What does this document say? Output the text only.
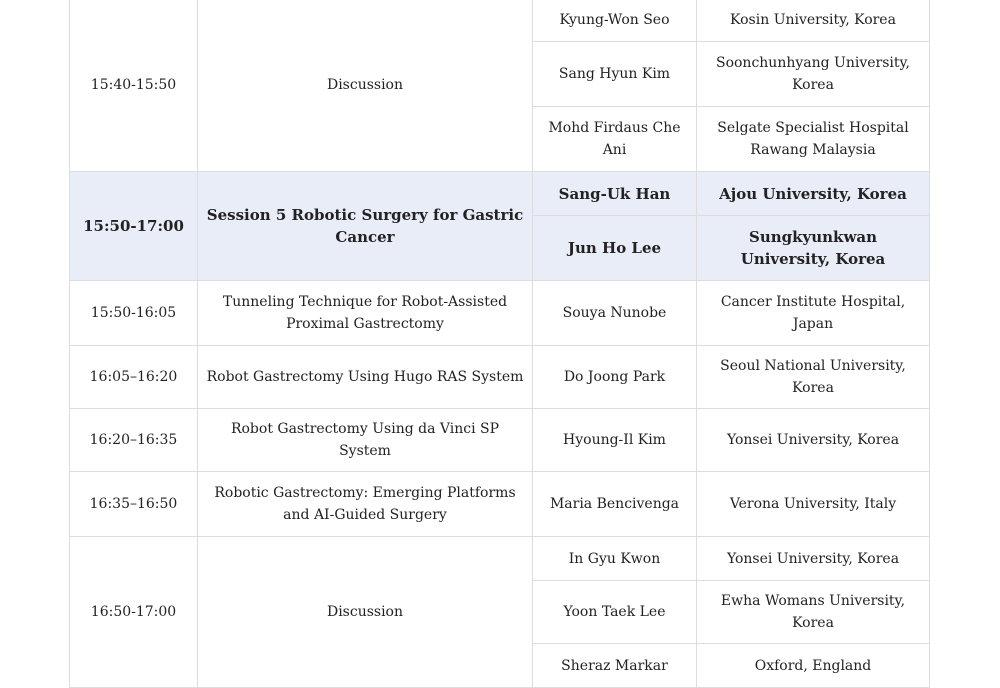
15:40-15:50	Discussion	Kyung-Won Seo	Kosin University, Korea
		Sang Hyun Kim	Soonchunhyang University, Korea
		Mohd Firdaus Che Ani	Selgate Specialist Hospital Rawang Malaysia
15:50-17:00	Session 5 Robotic Surgery for Gastric Cancer	Sang-Uk Han	Ajou University, Korea
		Jun Ho Lee	Sungkyunkwan University, Korea
15:50-16:05	Tunneling Technique for Robot-Assisted Proximal Gastrectomy	Souya Nunobe	Cancer Institute Hospital, Japan
16:05–16:20	Robot Gastrectomy Using Hugo RAS System	Do Joong Park	Seoul National University, Korea
16:20–16:35	Robot Gastrectomy Using da Vinci SP System	Hyoung-Il Kim	Yonsei University, Korea
16:35–16:50	Robotic Gastrectomy: Emerging Platforms and AI-Guided Surgery	Maria Bencivenga	Verona University, Italy
16:50-17:00	Discussion	In Gyu Kwon	Yonsei University, Korea
		Yoon Taek Lee	Ewha Womans University, Korea
		Sheraz Markar	Oxford, England
